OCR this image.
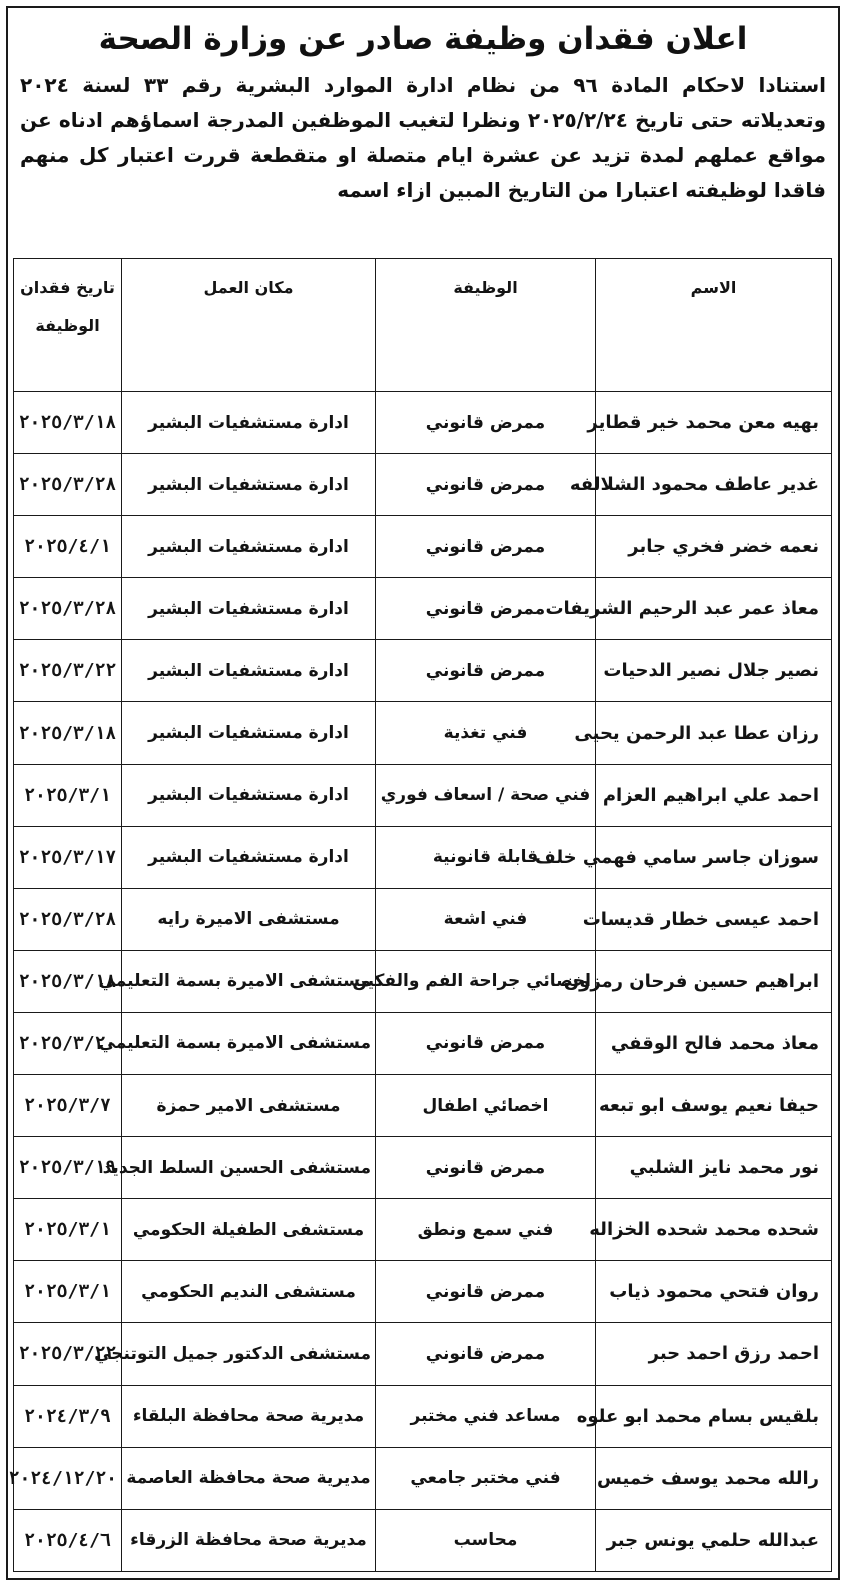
اعلان فقدان وظيفة صادر عن وزارة الصحة
استنادا لاحكام المادة ٩٦ من نظام ادارة الموارد البشرية رقم ٣٣ لسنة ٢٠٢٤ وتعديلاته حتى تاريخ ٢٠٢٥/٢/٢٤ ونظرا لتغيب الموظفين المدرجة اسماؤهم ادناه عن مواقع عملهم لمدة تزيد عن عشرة ايام متصلة او متقطعة قررت اعتبار كل منهم فاقدا لوظيفته اعتبارا من التاريخ المبين ازاء اسمه
الاسم	الوظيفة	مكان العمل	تاريخ فقدان الوظيفة
بهيه معن محمد خير قطاير	ممرض قانوني	ادارة مستشفيات البشير	٢٠٢٥/٣/١٨
غدير عاطف محمود الشلالفه	ممرض قانوني	ادارة مستشفيات البشير	٢٠٢٥/٣/٢٨
نعمه خضر فخري جابر	ممرض قانوني	ادارة مستشفيات البشير	٢٠٢٥/٤/١
معاذ عمر عبد الرحيم الشريفات	ممرض قانوني	ادارة مستشفيات البشير	٢٠٢٥/٣/٢٨
نصير جلال نصير الدحيات	ممرض قانوني	ادارة مستشفيات البشير	٢٠٢٥/٣/٢٢
رزان عطا عبد الرحمن يحيى	فني تغذية	ادارة مستشفيات البشير	٢٠٢٥/٣/١٨
احمد علي ابراهيم العزام	فني صحة / اسعاف فوري	ادارة مستشفيات البشير	٢٠٢٥/٣/١
سوزان جاسر سامي فهمي خلف	قابلة قانونية	ادارة مستشفيات البشير	٢٠٢٥/٣/١٧
احمد عيسى خطار قديسات	فني اشعة	مستشفى الاميرة رايه	٢٠٢٥/٣/٢٨
ابراهيم حسين فرحان رمزون	اخصائي جراحة الفم والفكين	مستشفى الاميرة بسمة التعليمي	٢٠٢٥/٣/١٨
معاذ محمد فالح الوقفي	ممرض قانوني	مستشفى الاميرة بسمة التعليمي	٢٠٢٥/٣/٢٠
حيفا نعيم يوسف ابو تبعه	اخصائي اطفال	مستشفى الامير حمزة	٢٠٢٥/٣/٧
نور محمد نايز الشلبي	ممرض قانوني	مستشفى الحسين السلط الجديد	٢٠٢٥/٣/١٩
شحده محمد شحده الخزاله	فني سمع ونطق	مستشفى الطفيلة الحكومي	٢٠٢٥/٣/١
روان فتحي محمود ذياب	ممرض قانوني	مستشفى النديم الحكومي	٢٠٢٥/٣/١
احمد رزق احمد حبر	ممرض قانوني	مستشفى الدكتور جميل التوتنجي	٢٠٢٥/٣/٢٢
بلقيس بسام محمد ابو علوه	مساعد فني مختبر	مديرية صحة محافظة البلقاء	٢٠٢٤/٣/٩
رالله محمد يوسف خميس	فني مختبر جامعي	مديرية صحة محافظة العاصمة	٢٠٢٤/١٢/٢٠
عبدالله حلمي يونس جبر	محاسب	مديرية صحة محافظة الزرقاء	٢٠٢٥/٤/٦
